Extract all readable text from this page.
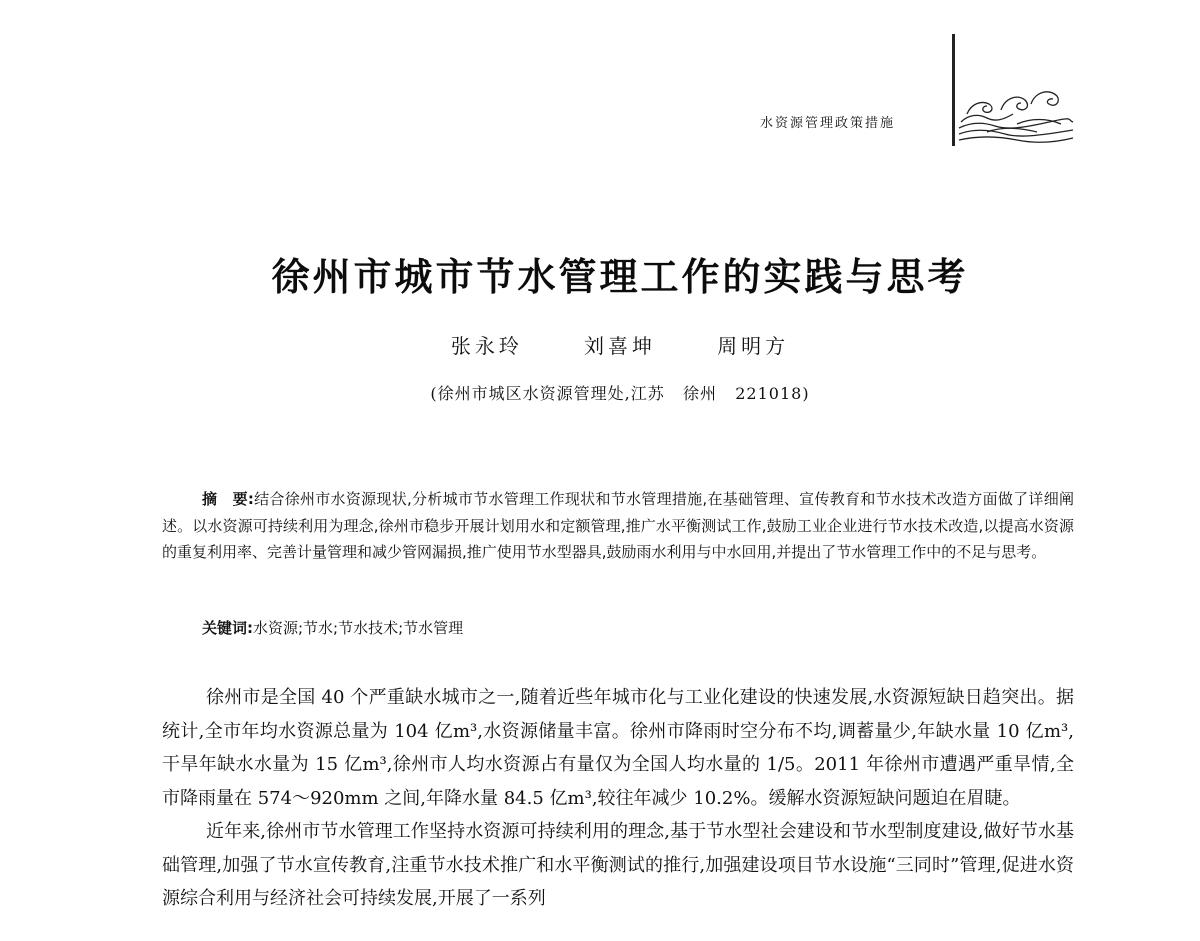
水资源管理政策措施
徐州市城市节水管理工作的实践与思考
张永玲   刘喜坤   周明方
(徐州市城区水资源管理处,江苏   徐州   221018)

摘　要:结合徐州市水资源现状,分析城市节水管理工作现状和节水管理措施,在基础管理、宣传教育和节水技术改造方面做了详细阐述。以水资源可持续利用为理念,徐州市稳步开展计划用水和定额管理,推广水平衡测试工作,鼓励工业企业进行节水技术改造,以提高水资源的重复利用率、完善计量管理和减少管网漏损,推广使用节水型器具,鼓励雨水利用与中水回用,并提出了节水管理工作中的不足与思考。

关键词:水资源;节水;节水技术;节水管理

徐州市是全国 40 个严重缺水城市之一,随着近些年城市化与工业化建设的快速发展,水资源短缺日趋突出。据统计,全市年均水资源总量为 104 亿m³,水资源储量丰富。徐州市降雨时空分布不均,调蓄量少,年缺水量 10 亿m³,干旱年缺水水量为 15 亿m³,徐州市人均水资源占有量仅为全国人均水量的 1/5。2011 年徐州市遭遇严重旱情,全市降雨量在 574～920mm 之间,年降水量 84.5 亿m³,较往年减少 10.2%。缓解水资源短缺问题迫在眉睫。

近年来,徐州市节水管理工作坚持水资源可持续利用的理念,基于节水型社会建设和节水型制度建设,做好节水基础管理,加强了节水宣传教育,注重节水技术推广和水平衡测试的推行,加强建设项目节水设施“三同时”管理,促进水资源综合利用与经济社会可持续发展,开展了一系列
